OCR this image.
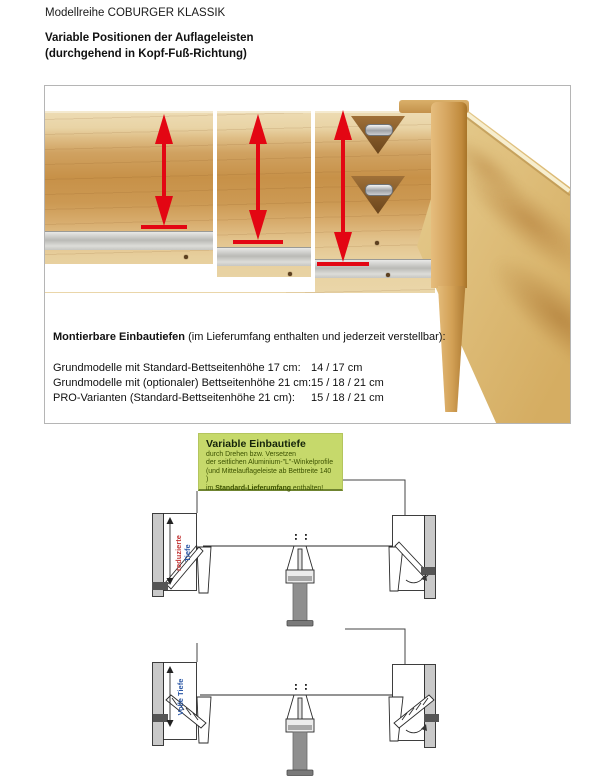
Modellreihe COBURGER KLASSIK
Variable Positionen der Auflageleisten
(durchgehend in Kopf-Fuß-Richtung)
Montierbare Einbautiefen (im Lieferumfang enthalten und jederzeit verstellbar):
Grundmodelle mit Standard-Bettseitenhöhe 17 cm: 14 / 17 cm
Grundmodelle mit (optionaler) Bettseitenhöhe 21 cm:15 / 18 / 21 cm
PRO-Varianten (Standard-Bettseitenhöhe 21 cm): 15 / 18 / 21 cm
Variable Einbautiefe
durch Drehen bzw. Versetzen
der seitlichen Aluminium-"L"-Winkelprofile
(und Mittelauflageleiste ab Bettbreite 140 )
im Standard-Lieferumfang enthalten!
reduzierte Tiefe
Volle Tiefe
